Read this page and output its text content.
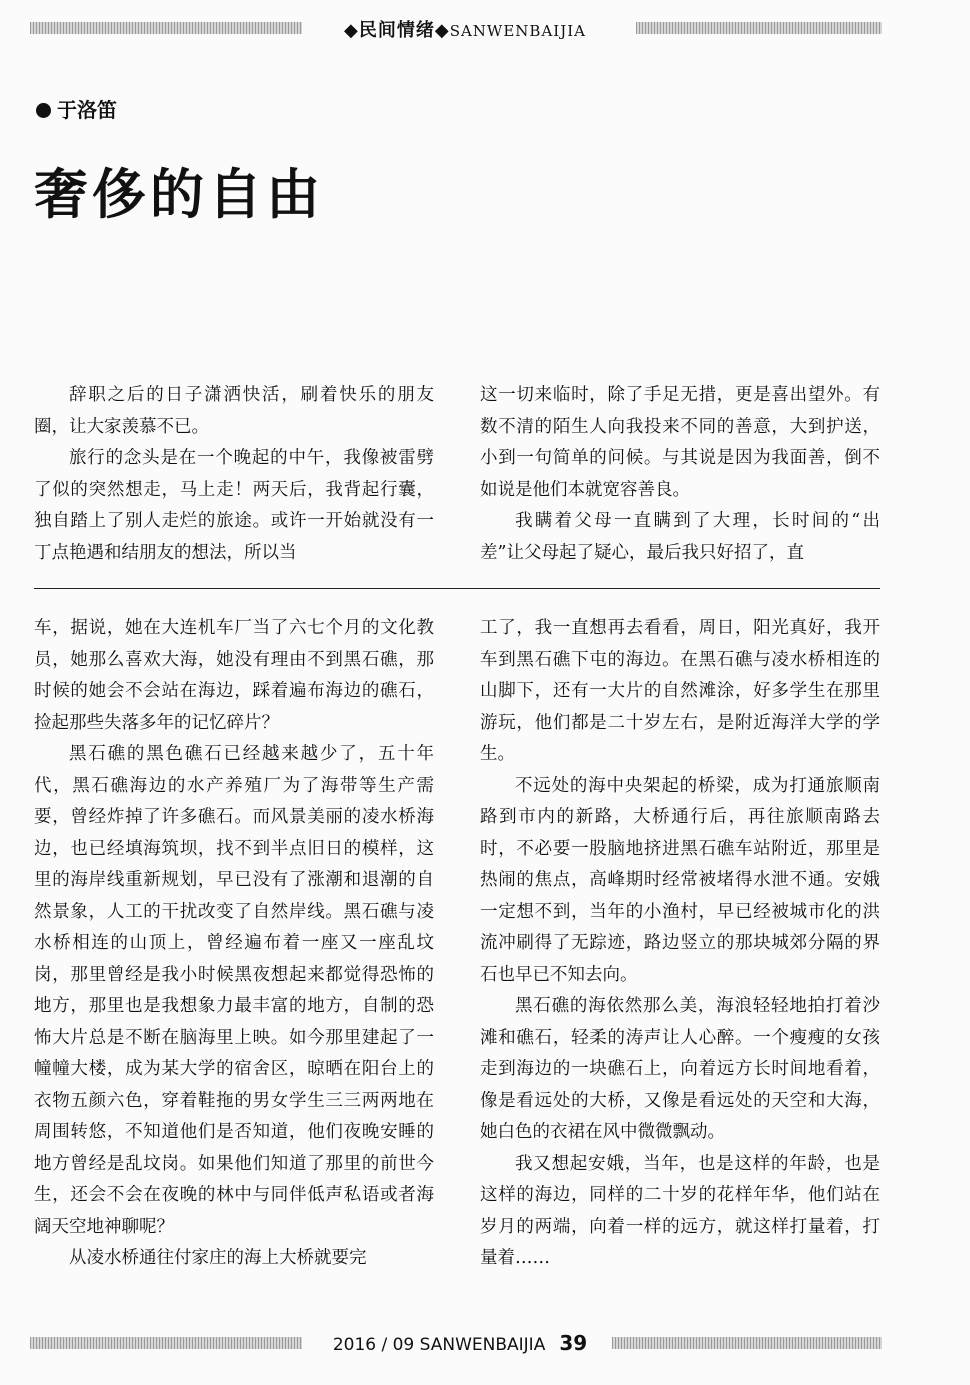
◆民间情绪◆SANWENBAIJIA
于洛笛
奢侈的自由

辞职之后的日子潇洒快活，刷着快乐的朋友圈，让大家羡慕不已。

旅行的念头是在一个晚起的中午，我像被雷劈了似的突然想走，马上走！两天后，我背起行囊，独自踏上了别人走烂的旅途。或许一开始就没有一丁点艳遇和结朋友的想法，所以当

这一切来临时，除了手足无措，更是喜出望外。有数不清的陌生人向我投来不同的善意，大到护送，小到一句简单的问候。与其说是因为我面善，倒不如说是他们本就宽容善良。

我瞒着父母一直瞒到了大理，长时间的“出差”让父母起了疑心，最后我只好招了，直

车，据说，她在大连机车厂当了六七个月的文化教员，她那么喜欢大海，她没有理由不到黑石礁，那时候的她会不会站在海边，踩着遍布海边的礁石，捡起那些失落多年的记忆碎片？

黑石礁的黑色礁石已经越来越少了，五十年代，黑石礁海边的水产养殖厂为了海带等生产需要，曾经炸掉了许多礁石。而风景美丽的凌水桥海边，也已经填海筑坝，找不到半点旧日的模样，这里的海岸线重新规划，早已没有了涨潮和退潮的自然景象，人工的干扰改变了自然岸线。黑石礁与凌水桥相连的山顶上，曾经遍布着一座又一座乱坟岗，那里曾经是我小时候黑夜想起来都觉得恐怖的地方，那里也是我想象力最丰富的地方，自制的恐怖大片总是不断在脑海里上映。如今那里建起了一幢幢大楼，成为某大学的宿舍区，晾晒在阳台上的衣物五颜六色，穿着鞋拖的男女学生三三两两地在周围转悠，不知道他们是否知道，他们夜晚安睡的地方曾经是乱坟岗。如果他们知道了那里的前世今生，还会不会在夜晚的林中与同伴低声私语或者海阔天空地神聊呢？

从凌水桥通往付家庄的海上大桥就要完

工了，我一直想再去看看，周日，阳光真好，我开车到黑石礁下屯的海边。在黑石礁与凌水桥相连的山脚下，还有一大片的自然滩涂，好多学生在那里游玩，他们都是二十岁左右，是附近海洋大学的学生。

不远处的海中央架起的桥梁，成为打通旅顺南路到市内的新路，大桥通行后，再往旅顺南路去时，不必要一股脑地挤进黑石礁车站附近，那里是热闹的焦点，高峰期时经常被堵得水泄不通。安娥一定想不到，当年的小渔村，早已经被城市化的洪流冲刷得了无踪迹，路边竖立的那块城郊分隔的界石也早已不知去向。

黑石礁的海依然那么美，海浪轻轻地拍打着沙滩和礁石，轻柔的涛声让人心醉。一个瘦瘦的女孩走到海边的一块礁石上，向着远方长时间地看着，像是看远处的大桥，又像是看远处的天空和大海，她白色的衣裙在风中微微飘动。

我又想起安娥，当年，也是这样的年龄，也是这样的海边，同样的二十岁的花样年华，他们站在岁月的两端，向着一样的远方，就这样打量着，打量着……

2016 / 09 SANWENBAIJIA 39
